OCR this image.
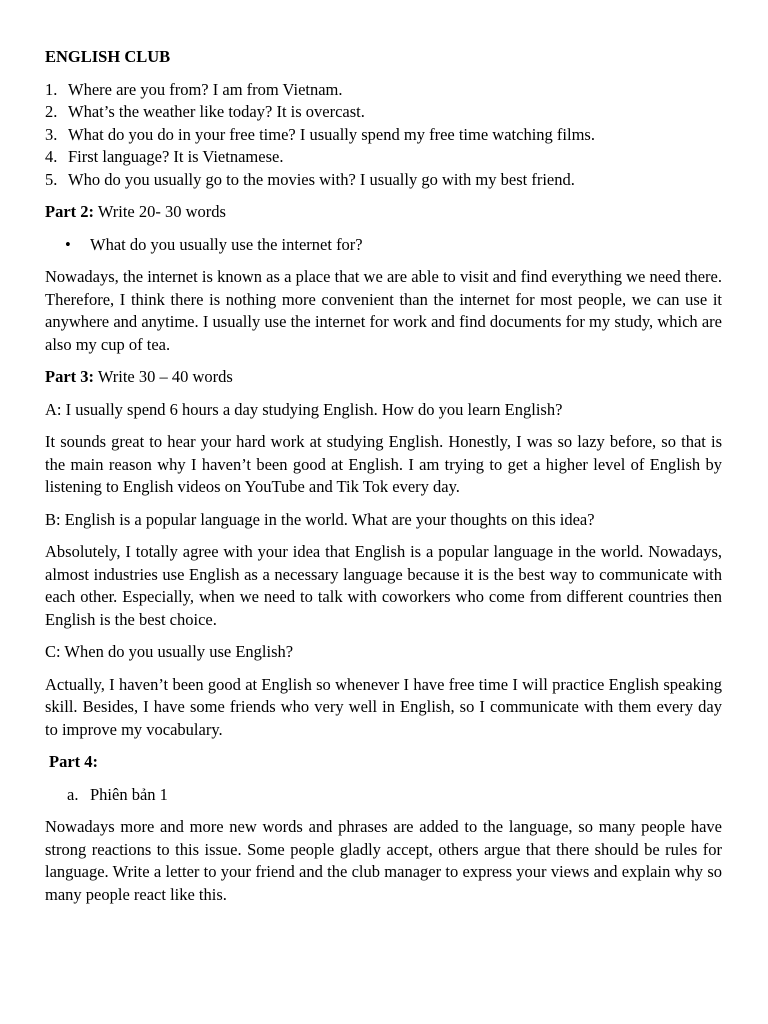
ENGLISH CLUB
1. Where are you from? I am from Vietnam.
2. What’s the weather like today? It is overcast.
3. What do you do in your free time? I usually spend my free time watching films.
4. First language? It is Vietnamese.
5. Who do you usually go to the movies with? I usually go with my best friend.
Part 2: Write 20- 30 words
•	What do you usually use the internet for?
Nowadays, the internet is known as a place that we are able to visit and find everything we need there. Therefore, I think there is nothing more convenient than the internet for most people, we can use it anywhere and anytime. I usually use the internet for work and find documents for my study, which are also my cup of tea.
Part 3: Write 30 – 40 words
A: I usually spend 6 hours a day studying English. How do you learn English?
It sounds great to hear your hard work at studying English. Honestly, I was so lazy before, so that is the main reason why I haven’t been good at English. I am trying to get a higher level of English by listening to English videos on YouTube and Tik Tok every day.
B: English is a popular language in the world. What are your thoughts on this idea?
Absolutely, I totally agree with your idea that English is a popular language in the world. Nowadays, almost industries use English as a necessary language because it is the best way to communicate with each other. Especially, when we need to talk with coworkers who come from different countries then English is the best choice.
C: When do you usually use English?
Actually, I haven’t been good at English so whenever I have free time I will practice English speaking skill. Besides, I have some friends who very well in English, so I communicate with them every day to improve my vocabulary.
Part 4:
a. Phiên bản 1
Nowadays more and more new words and phrases are added to the language, so many people have strong reactions to this issue. Some people gladly accept, others argue that there should be rules for language. Write a letter to your friend and the club manager to express your views and explain why so many people react like this.
